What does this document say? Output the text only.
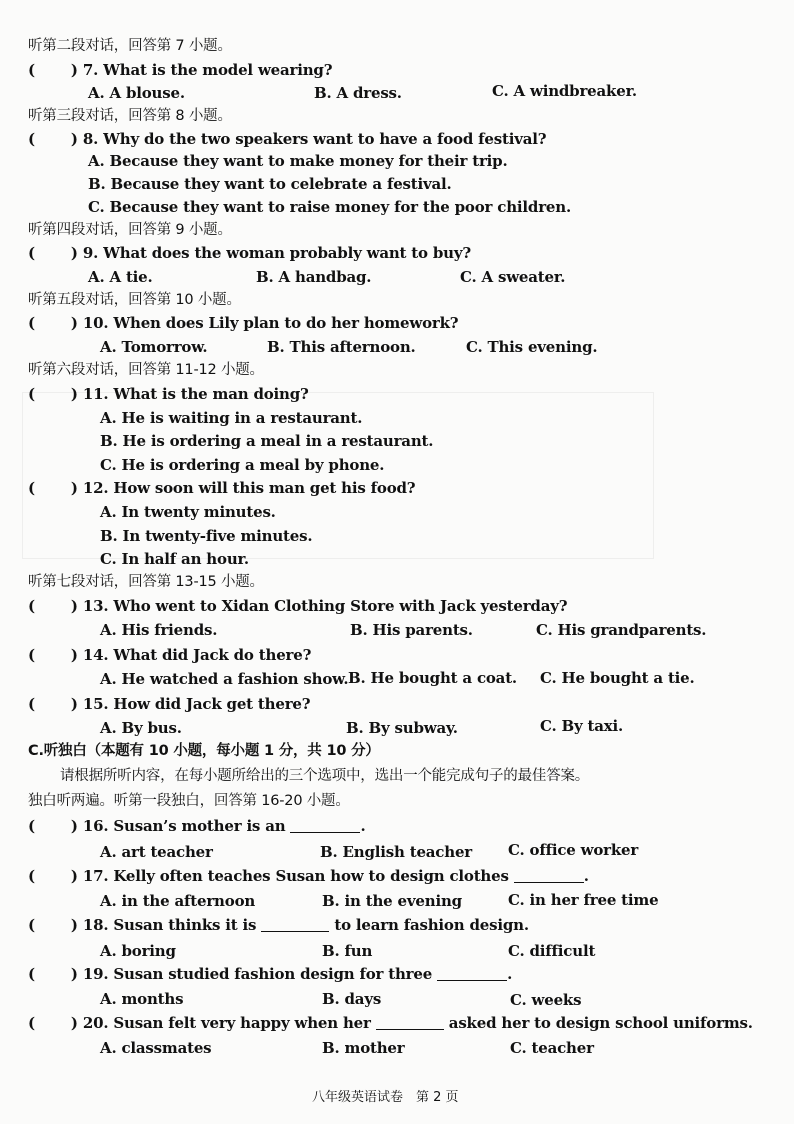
听第二段对话，回答第 7 小题。
( ) 7. What is the model wearing?
A. A blouse.	B. A dress.	C. A windbreaker.
听第三段对话，回答第 8 小题。
( ) 8. Why do the two speakers want to have a food festival?
A. Because they want to make money for their trip.
B. Because they want to celebrate a festival.
C. Because they want to raise money for the poor children.
听第四段对话，回答第 9 小题。
( ) 9. What does the woman probably want to buy?
A. A tie.	B. A handbag.	C. A sweater.
听第五段对话，回答第 10 小题。
( ) 10. When does Lily plan to do her homework?
A. Tomorrow.	B. This afternoon.	C. This evening.
听第六段对话，回答第 11-12 小题。
( ) 11. What is the man doing?
A. He is waiting in a restaurant.
B. He is ordering a meal in a restaurant.
C. He is ordering a meal by phone.
( ) 12. How soon will this man get his food?
A. In twenty minutes.
B. In twenty-five minutes.
C. In half an hour.
听第七段对话，回答第 13-15 小题。
( ) 13. Who went to Xidan Clothing Store with Jack yesterday?
A. His friends.	B. His parents.	C. His grandparents.
( ) 14. What did Jack do there?
A. He watched a fashion show. B. He bought a coat. C. He bought a tie.
( ) 15. How did Jack get there?
A. By bus.	B. By subway.	C. By taxi.
C.听独白（本题有 10 小题，每小题 1 分，共 10 分）
请根据所听内容，在每小题所给出的三个选项中，选出一个能完成句子的最佳答案。
独白听两遍。听第一段独白，回答第 16-20 小题。
( ) 16. Susan’s mother is an	.
A. art teacher	B. English teacher C. office worker
( ) 17. Kelly often teaches Susan how to design clothes	.
A. in the afternoon	B. in the evening	C. in her free time
( ) 18. Susan thinks it is	to learn fashion design.
A. boring	B. fun	C. difficult
( ) 19. Susan studied fashion design for three	.
A. months	B. days	C. weeks
( ) 20. Susan felt very happy when her	asked her to design school uniforms.
A. classmates	B. mother	C. teacher
八年级英语试卷　第 2 页
